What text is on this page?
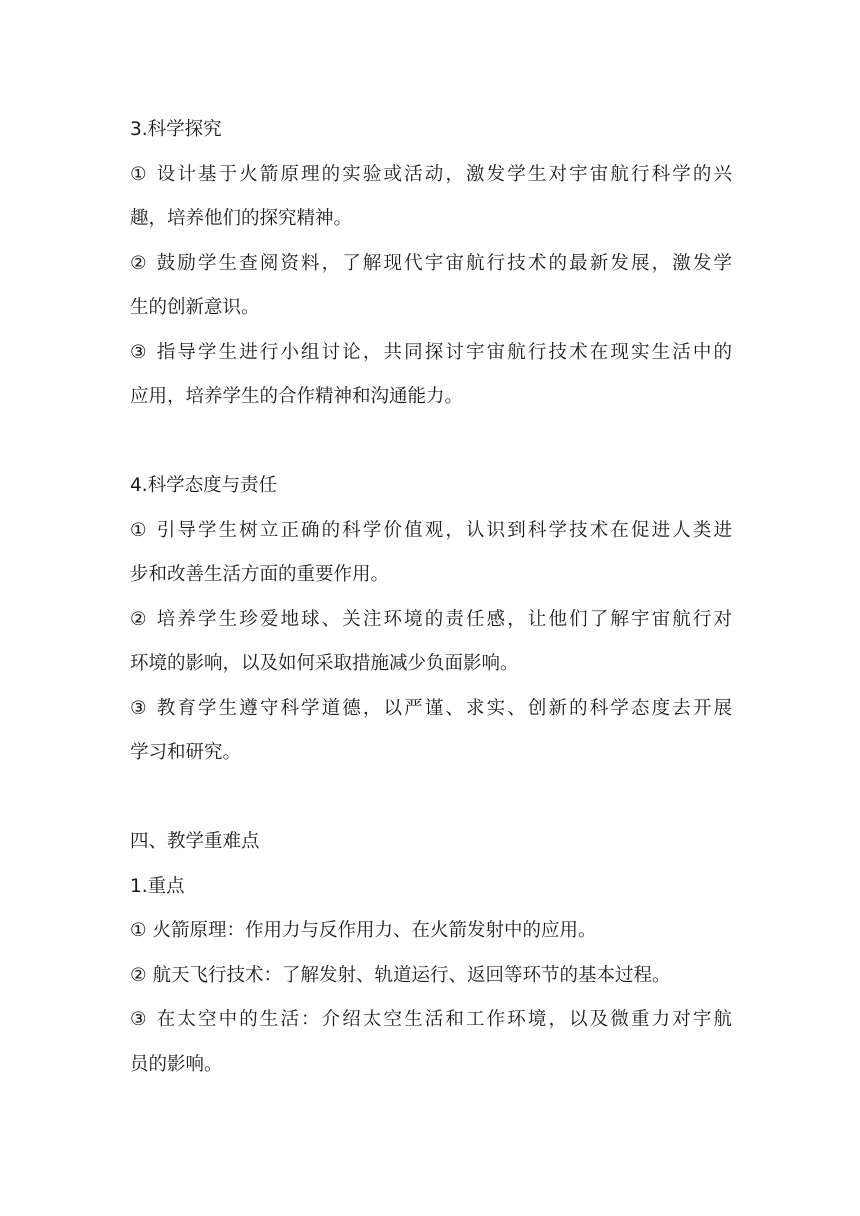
3.科学探究
① 设计基于火箭原理的实验或活动，激发学生对宇宙航行科学的兴
趣，培养他们的探究精神。
② 鼓励学生查阅资料，了解现代宇宙航行技术的最新发展，激发学
生的创新意识。
③ 指导学生进行小组讨论，共同探讨宇宙航行技术在现实生活中的
应用，培养学生的合作精神和沟通能力。
4.科学态度与责任
① 引导学生树立正确的科学价值观，认识到科学技术在促进人类进
步和改善生活方面的重要作用。
② 培养学生珍爱地球、关注环境的责任感，让他们了解宇宙航行对
环境的影响，以及如何采取措施减少负面影响。
③ 教育学生遵守科学道德，以严谨、求实、创新的科学态度去开展
学习和研究。
四、教学重难点
1.重点
① 火箭原理：作用力与反作用力、在火箭发射中的应用。
② 航天飞行技术：了解发射、轨道运行、返回等环节的基本过程。
③ 在太空中的生活：介绍太空生活和工作环境，以及微重力对宇航
员的影响。
